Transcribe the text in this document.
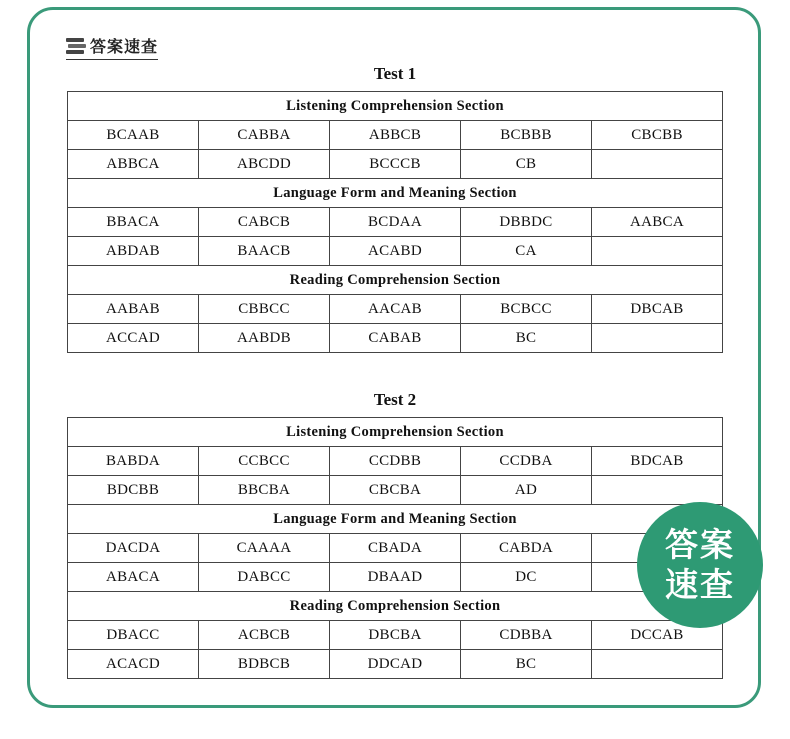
答案速查
Test 1
Listening Comprehension Section				
BCAAB	CABBA	ABBCB	BCBBB	CBCBB
ABBCA	ABCDD	BCCCB	CB	
Language Form and Meaning Section				
BBACA	CABCB	BCDAA	DBBDC	AABCA
ABDAB	BAACB	ACABD	CA	
Reading Comprehension Section				
AABAB	CBBCC	AACAB	BCBCC	DBCAB
ACCAD	AABDB	CABAB	BC	
Test 2
Listening Comprehension Section				
BABDA	CCBCC	CCDBB	CCDBA	BDCAB
BDCBB	BBCBA	CBCBA	AD	
Language Form and Meaning Section				
DACDA	CAAAA	CBADA	CABDA	
ABACA	DABCC	DBAAD	DC	
Reading Comprehension Section				
DBACC	ACBCB	DBCBA	CDBBA	DCCAB
ACACD	BDBCB	DDCAD	BC	
答案
速查
